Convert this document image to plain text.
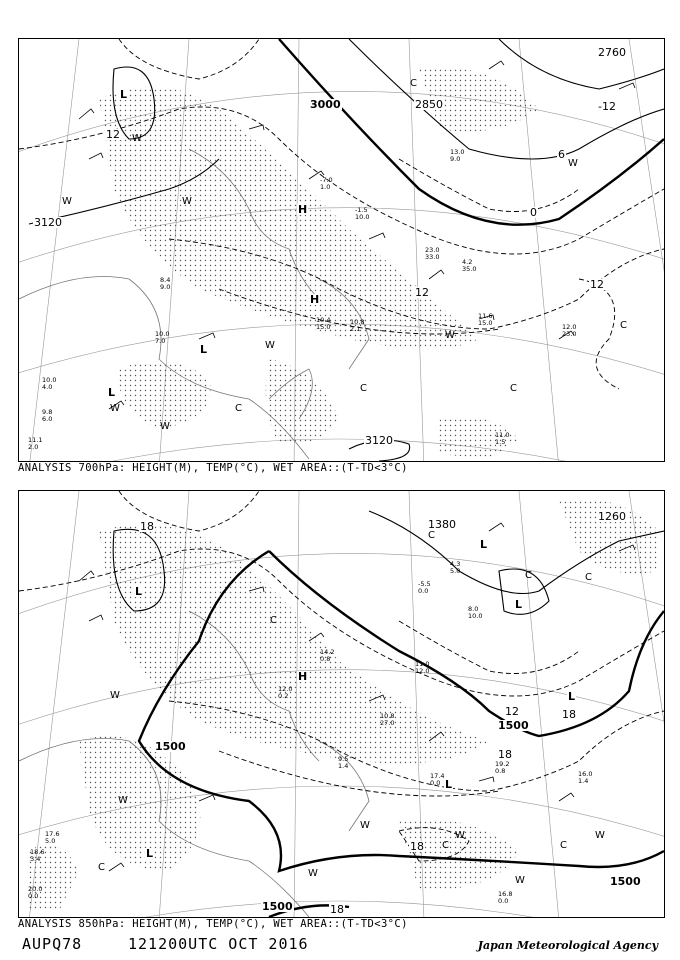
3000
3120
2760
2850
3120
12
6
0
-12
12
12
L
L
L
H
H
W
W	W
W
W
W
W
C
C
C	C
C
W
8.4
9.0
10.0
7.0
10.0
4.0
11.0
1.5
11.6
15.0	12.0
23.0
10.8
2.1
23.0
33.0
-1.5
10.0
13.0
9.0
-7.0
1.0
10.4
15.0
9.8
6.0
11.1
2.0
4.2
35.0
ANALYSIS 700hPa: HEIGHT(M), TEMP(°C), WET AREA::(T-TD<3°C)
1500
1500
1500
1500
1380
1260
18
18
18
12
18
18
L
L
L
L
L
L
H
W
W
W
W
W
W
W
C
C	C
C
C
C
C
16.8
0.0
16.0
1.4
17.4
0.0
19.2
0.8
10.8
27.0
11.0
12.0
17.6
5.0
18.6
3.4
20.0
0.0
12.0
0.2
9.5
1.4
4.3
5.0
-5.5
0.0
8.0
10.0
14.2
0.8
ANALYSIS 850hPa: HEIGHT(M), TEMP(°C), WET AREA::(T-TD<3°C)
AUPQ78	121200UTC OCT 2016	Japan Meteorological Agency
